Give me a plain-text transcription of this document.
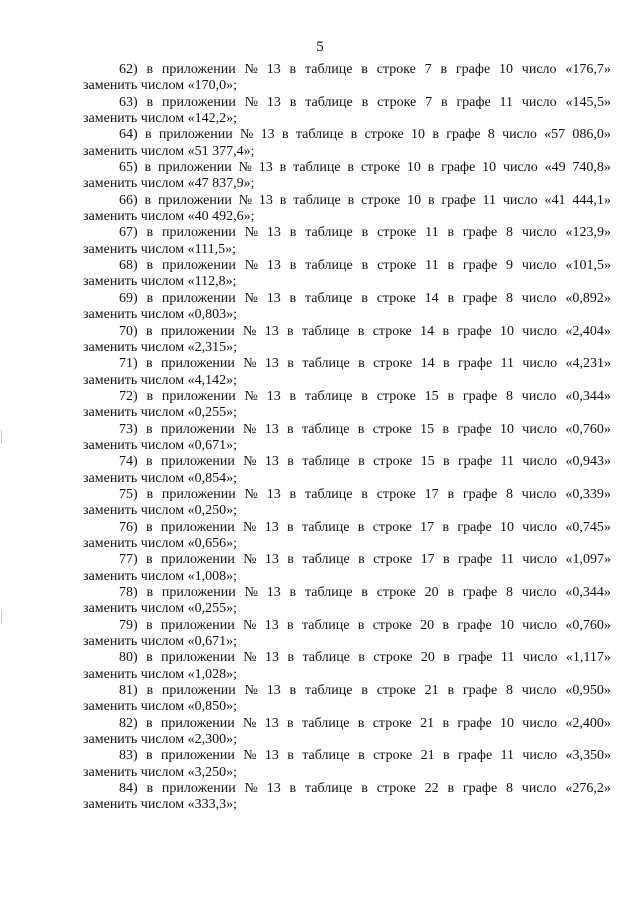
5
62) в приложении № 13 в таблице в строке 7 в графе 10 число «176,7»
заменить числом «170,0»;
63) в приложении № 13 в таблице в строке 7 в графе 11 число «145,5»
заменить числом «142,2»;
64) в приложении № 13 в таблице в строке 10 в графе 8 число «57 086,0»
заменить числом «51 377,4»;
65) в приложении № 13 в таблице в строке 10 в графе 10 число «49 740,8»
заменить числом «47 837,9»;
66) в приложении № 13 в таблице в строке 10 в графе 11 число «41 444,1»
заменить числом «40 492,6»;
67) в приложении № 13 в таблице в строке 11 в графе 8 число «123,9»
заменить числом «111,5»;
68) в приложении № 13 в таблице в строке 11 в графе 9 число «101,5»
заменить числом «112,8»;
69) в приложении № 13 в таблице в строке 14 в графе 8 число «0,892»
заменить числом «0,803»;
70) в приложении № 13 в таблице в строке 14 в графе 10 число «2,404»
заменить числом «2,315»;
71) в приложении № 13 в таблице в строке 14 в графе 11 число «4,231»
заменить числом «4,142»;
72) в приложении № 13 в таблице в строке 15 в графе 8 число «0,344»
заменить числом «0,255»;
73) в приложении № 13 в таблице в строке 15 в графе 10 число «0,760»
заменить числом «0,671»;
74) в приложении № 13 в таблице в строке 15 в графе 11 число «0,943»
заменить числом «0,854»;
75) в приложении № 13 в таблице в строке 17 в графе 8 число «0,339»
заменить числом «0,250»;
76) в приложении № 13 в таблице в строке 17 в графе 10 число «0,745»
заменить числом «0,656»;
77) в приложении № 13 в таблице в строке 17 в графе 11 число «1,097»
заменить числом «1,008»;
78) в приложении № 13 в таблице в строке 20 в графе 8 число «0,344»
заменить числом «0,255»;
79) в приложении № 13 в таблице в строке 20 в графе 10 число «0,760»
заменить числом «0,671»;
80) в приложении № 13 в таблице в строке 20 в графе 11 число «1,117»
заменить числом «1,028»;
81) в приложении № 13 в таблице в строке 21 в графе 8 число «0,950»
заменить числом «0,850»;
82) в приложении № 13 в таблице в строке 21 в графе 10 число «2,400»
заменить числом «2,300»;
83) в приложении № 13 в таблице в строке 21 в графе 11 число «3,350»
заменить числом «3,250»;
84) в приложении № 13 в таблице в строке 22 в графе 8 число «276,2»
заменить числом «333,3»;
